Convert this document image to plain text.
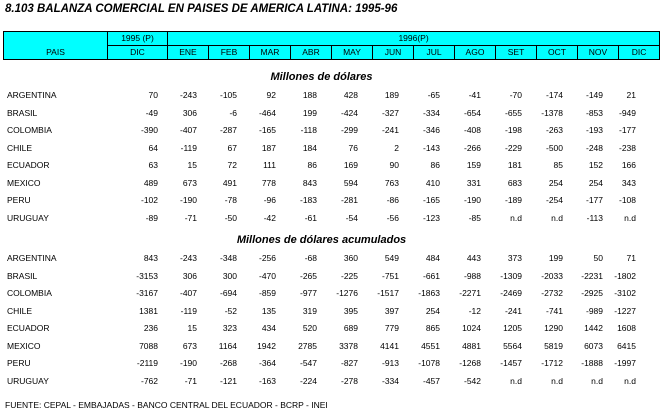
8.103 BALANZA COMERCIAL EN PAISES DE AMERICA LATINA: 1995-96
PAIS	1995 (P)	1996(P)											
	DIC	ENE	FEB	MAR	ABR	MAY	JUN	JUL	AGO	SET	OCT	NOV	DIC
Millones de dólares
ARGENTINA	70	-243	-105	92	188	428	189	-65	-41	-70	-174	-149	21
BRASIL	-49	306	-6	-464	199	-424	-327	-334	-654	-655	-1378	-853	-949
COLOMBIA	-390	-407	-287	-165	-118	-299	-241	-346	-408	-198	-263	-193	-177
CHILE	64	-119	67	187	184	76	2	-143	-266	-229	-500	-248	-238
ECUADOR	63	15	72	111	86	169	90	86	159	181	85	152	166
MEXICO	489	673	491	778	843	594	763	410	331	683	254	254	343
PERU	-102	-190	-78	-96	-183	-281	-86	-165	-190	-189	-254	-177	-108
URUGUAY	-89	-71	-50	-42	-61	-54	-56	-123	-85	n.d	n.d	-113	n.d
Millones de dólares acumulados
ARGENTINA	843	-243	-348	-256	-68	360	549	484	443	373	199	50	71
BRASIL	-3153	306	300	-470	-265	-225	-751	-661	-988	-1309	-2033	-2231	-1802
COLOMBIA	-3167	-407	-694	-859	-977	-1276	-1517	-1863	-2271	-2469	-2732	-2925	-3102
CHILE	1381	-119	-52	135	319	395	397	254	-12	-241	-741	-989	-1227
ECUADOR	236	15	323	434	520	689	779	865	1024	1205	1290	1442	1608
MEXICO	7088	673	1164	1942	2785	3378	4141	4551	4881	5564	5819	6073	6415
PERU	-2119	-190	-268	-364	-547	-827	-913	-1078	-1268	-1457	-1712	-1888	-1997
URUGUAY	-762	-71	-121	-163	-224	-278	-334	-457	-542	n.d	n.d	n.d	n.d
FUENTE: CEPAL - EMBAJADAS - BANCO CENTRAL DEL ECUADOR - BCRP - INEI
